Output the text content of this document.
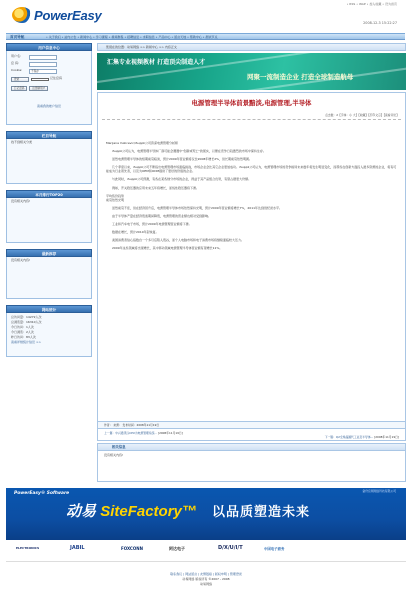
PowerEasy
• RSS • WAP • 加入收藏 • 设为首页
2008-12-3 15:22:27
首页导航	• 关于我们 • 站内公告 • 新闻中心 • 学习课程 • 视频教程 • 招聘信息 • 求职信息 • 产品中心 • 留言天地 • 帮助中心 • 测试节点
用户信息中心
用户名：
密 码：
Cookie：	不保存
登录	记住密码
忘记密码	注册新用户
查看我的帐户信息
栏目导航
找不到相关分类
本月排行TOP20
没有相关内容!
最新推荐
没有相关内容!
网站统计
总访问量：14272人次
总浏览量：16310人次
今日访问：1人次
今日浏览：2人次
昨日访问：83人次
查看详细统计信息 >>
您现在的位置：动易网络 >> 新闻中心 >> 内容正文
汇集专业视频教材 打造顶尖制造人才
网聚一流制造企业 打造全球制造航母
电源管理半导体前景黯淡,电源管理,半导体
点击数：2【字体：小 大】【收藏】【打印文章】【查看评论】

Marijana Vukicevic/iSuppli公司资深电源管理分析师

iSuppli公司认为，电源管理半导体厂商可能会遭遇中"创新或死亡"的现实，以便在竞争日趋激烈的市场中保持生存。

虽然电源管理半导体的短期前景暗淡，预计2009年营业额将仅比2008年增长2%，但长期前景依然明朗。

几个季度以来，iSuppli公司不断指出电源管理市场面临挑战，市场企业会比其它企业更加成功。iSuppli公司认为，电源管理市场的竞争格局未来数年将发生明显变化，而那些在创新方面投入最多资源的企业，将有可能成为行业领先者，以及为OEM和ODM提供了更好的价值的企业。

与此同时，iSuppli公司预测，有些在某些细分市场的企业，得益于其产品组合优势，有望占据更大份额。

例如，开关稳压器的应用未来五年将增长，而线性稳压器将下滑。

平均售价趋势

前景依然光明

虽然前景不佳，但在经济回升后，电源管理半导体市场依然保持光明，预计2009年营业额将增长7%，2011年达到创纪录水平。

由于半导体产量在经济低迷期间降低，电源管理的营业额也相对受到影响。

工业和汽车电子市场，预计2009年电源管理营业额将下滑。

数据在增长，预计2010年起恢复。

美国消费者信心指数自一个多月后陷入低谷，而个人电脑市场和电子消费市场将继续面临较大压力。

2009年这些领域将出现增长，其中移动领域电源管理半导体营业额有望增长11%。

作者： 来源： 发布时间：2008年11月19日
上一篇：中兴通讯以CPU为电源管理系统... [2008年11月19日]
下一篇：Q2全球晶圆代工业及半导体... [2008年11月19日]
相关信息
没有相关内容!
PowerEasy® Software	备份官网网络科技有限公司
动易 SiteFactory™ 以品质塑造未来
ELECTRONICS	JABIL	FOXCONN	阿达电子	D/X/U/I/T	中国电子商务
联系我们 | 网站留言 | 友情链接 | 版权申明 | 管理登录
动易网络 版权所有 ©2007 - 2008
动易网络
